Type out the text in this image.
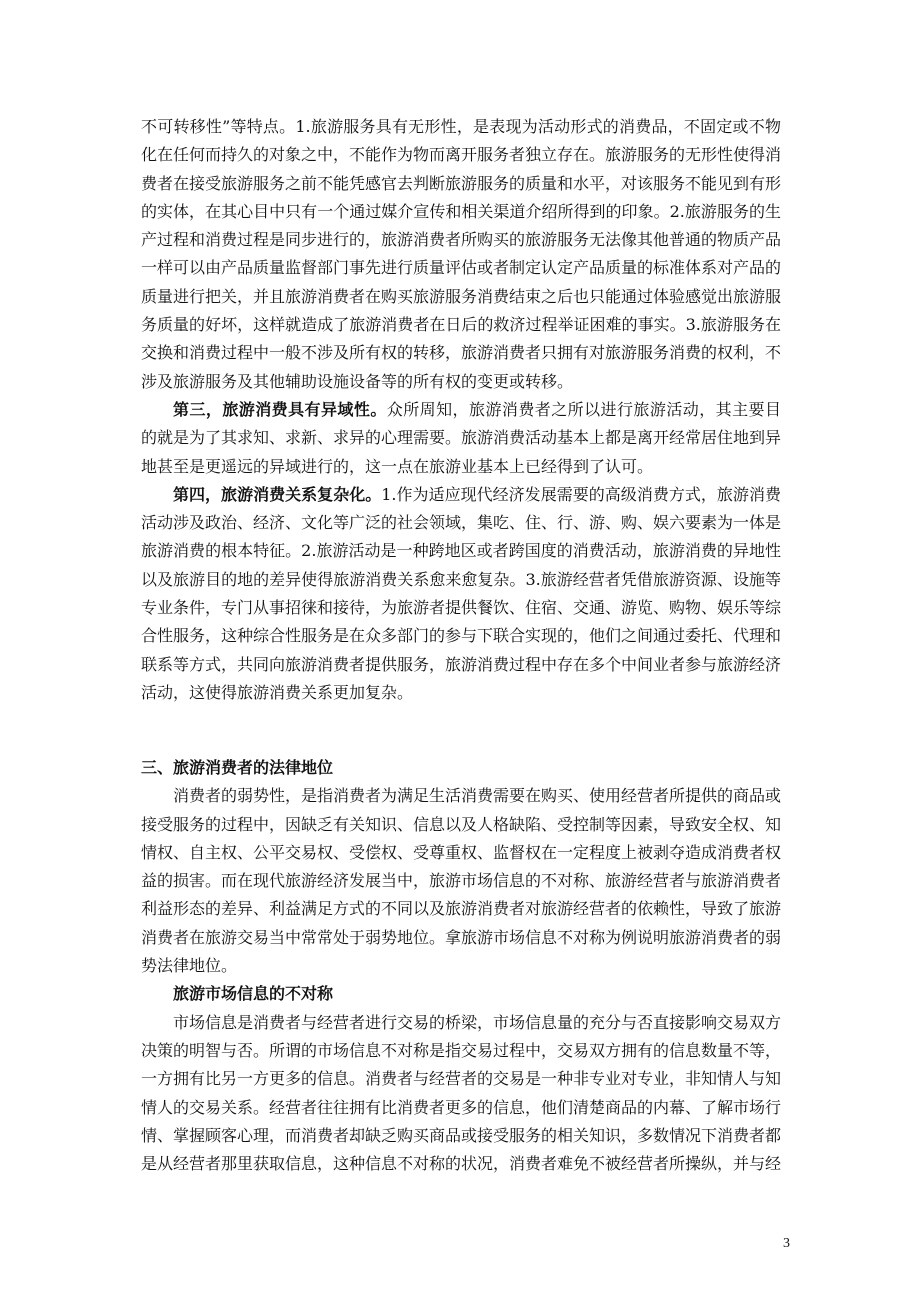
不可转移性”等特点。1.旅游服务具有无形性，是表现为活动形式的消费品，不固定或不物化在任何而持久的对象之中，不能作为物而离开服务者独立存在。旅游服务的无形性使得消费者在接受旅游服务之前不能凭感官去判断旅游服务的质量和水平，对该服务不能见到有形的实体，在其心目中只有一个通过媒介宣传和相关渠道介绍所得到的印象。2.旅游服务的生产过程和消费过程是同步进行的，旅游消费者所购买的旅游服务无法像其他普通的物质产品一样可以由产品质量监督部门事先进行质量评估或者制定认定产品质量的标准体系对产品的质量进行把关，并且旅游消费者在购买旅游服务消费结束之后也只能通过体验感觉出旅游服务质量的好坏，这样就造成了旅游消费者在日后的救济过程举证困难的事实。3.旅游服务在交换和消费过程中一般不涉及所有权的转移，旅游消费者只拥有对旅游服务消费的权利，不涉及旅游服务及其他辅助设施设备等的所有权的变更或转移。

第三，旅游消费具有异域性。众所周知，旅游消费者之所以进行旅游活动，其主要目的就是为了其求知、求新、求异的心理需要。旅游消费活动基本上都是离开经常居住地到异地甚至是更遥远的异域进行的，这一点在旅游业基本上已经得到了认可。

第四，旅游消费关系复杂化。1.作为适应现代经济发展需要的高级消费方式，旅游消费活动涉及政治、经济、文化等广泛的社会领域，集吃、住、行、游、购、娱六要素为一体是旅游消费的根本特征。2.旅游活动是一种跨地区或者跨国度的消费活动，旅游消费的异地性以及旅游目的地的差异使得旅游消费关系愈来愈复杂。3.旅游经营者凭借旅游资源、设施等专业条件，专门从事招徕和接待，为旅游者提供餐饮、住宿、交通、游览、购物、娱乐等综合性服务，这种综合性服务是在众多部门的参与下联合实现的，他们之间通过委托、代理和联系等方式，共同向旅游消费者提供服务，旅游消费过程中存在多个中间业者参与旅游经济活动，这使得旅游消费关系更加复杂。

三、旅游消费者的法律地位

消费者的弱势性，是指消费者为满足生活消费需要在购买、使用经营者所提供的商品或接受服务的过程中，因缺乏有关知识、信息以及人格缺陷、受控制等因素，导致安全权、知情权、自主权、公平交易权、受偿权、受尊重权、监督权在一定程度上被剥夺造成消费者权益的损害。而在现代旅游经济发展当中，旅游市场信息的不对称、旅游经营者与旅游消费者利益形态的差异、利益满足方式的不同以及旅游消费者对旅游经营者的依赖性，导致了旅游消费者在旅游交易当中常常处于弱势地位。拿旅游市场信息不对称为例说明旅游消费者的弱势法律地位。

旅游市场信息的不对称

市场信息是消费者与经营者进行交易的桥梁，市场信息量的充分与否直接影响交易双方决策的明智与否。所谓的市场信息不对称是指交易过程中，交易双方拥有的信息数量不等，一方拥有比另一方更多的信息。消费者与经营者的交易是一种非专业对专业，非知情人与知情人的交易关系。经营者往往拥有比消费者更多的信息，他们清楚商品的内幕、了解市场行情、掌握顾客心理，而消费者却缺乏购买商品或接受服务的相关知识，多数情况下消费者都是从经营者那里获取信息，这种信息不对称的状况，消费者难免不被经营者所操纵，并与经

3
